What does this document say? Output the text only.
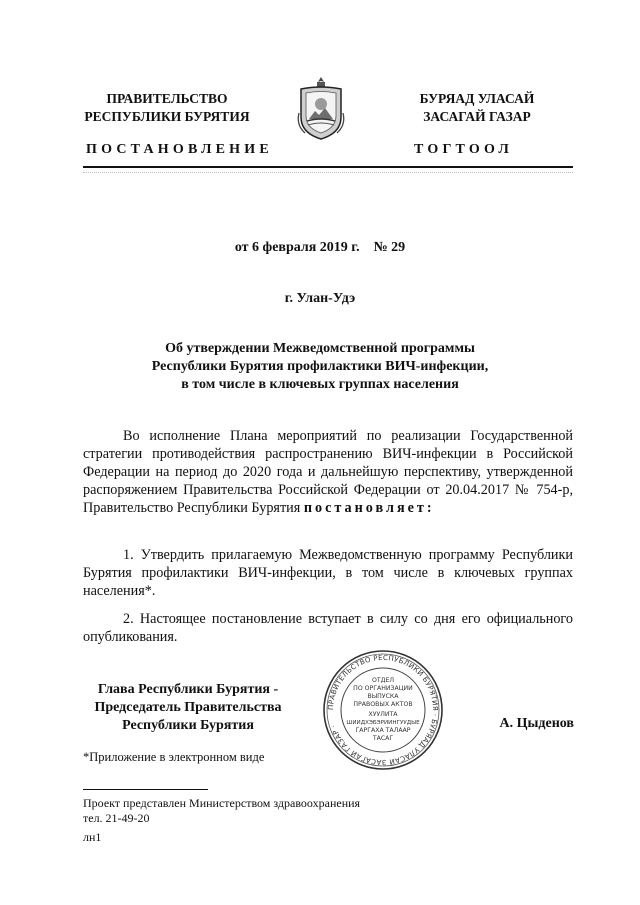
ПРАВИТЕЛЬСТВО
РЕСПУБЛИКИ БУРЯТИЯ
БУРЯАД УЛАСАЙ
ЗАСАГАЙ ГАЗАР
ПОСТАНОВЛЕНИЕ	ТОГТООЛ
от 6 февраля 2019 г. № 29
г. Улан-Удэ
Об утверждении Межведомственной программы
Республики Бурятия профилактики ВИЧ-инфекции,
в том числе в ключевых группах населения
Во исполнение Плана мероприятий по реализации Государственной стратегии противодействия распространению ВИЧ-инфекции в Российской Федерации на период до 2020 года и дальнейшую перспективу, утвержденной распоряжением Правительства Российской Федерации от 20.04.2017 № 754-р, Правительство Республики Бурятия постановляет:
1. Утвердить прилагаемую Межведомственную программу Республики Бурятия профилактики ВИЧ-инфекции, в том числе в ключевых группах населения*.
2. Настоящее постановление вступает в силу со дня его официального опубликования.
Глава Республики Бурятия -
Председатель Правительства
Республики Бурятия
ПРАВИТЕЛЬСТВО РЕСПУБЛИКИ БУРЯТИЯ · БУРЯАД УЛАСАЙ ЗАСАГАЙ ГАЗАР ·
ОТДЕЛ
ПО ОРГАНИЗАЦИИ
ВЫПУСКА
ПРАВОВЫХ АКТОВ
ХУУЛИТА
ШИИДХЭБЭРИИНГУУДЫЕ
ГАРГАХА ТАЛААР
ТАСАГ
А. Цыденов
*Приложение в электронном виде
Проект представлен Министерством здравоохранения
тел. 21-49-20
лн1
